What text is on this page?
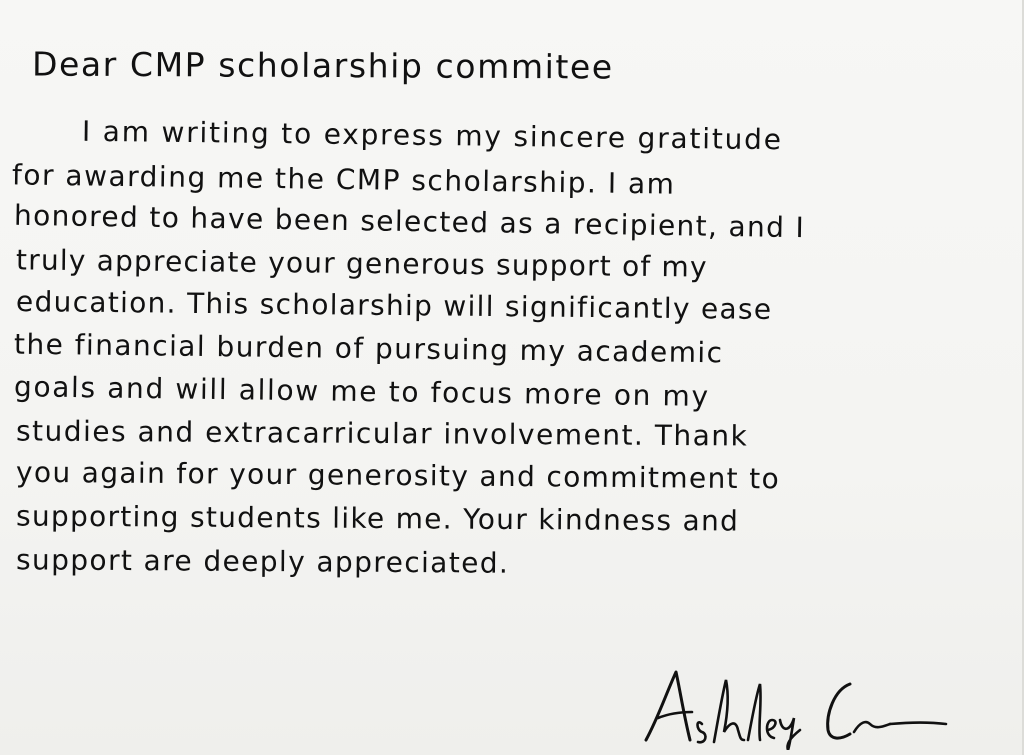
Dear CMP scholarship commitee
I am writing to express my sincere gratitude
for awarding me the CMP scholarship. I am
honored to have been selected as a recipient, and I
truly appreciate your generous support of my
education. This scholarship will significantly ease
the financial burden of pursuing my academic
goals and will allow me to focus more on my
studies and extracarricular involvement. Thank
you again for your generosity and commitment to
supporting students like me. Your kindness and
support are deeply appreciated.
